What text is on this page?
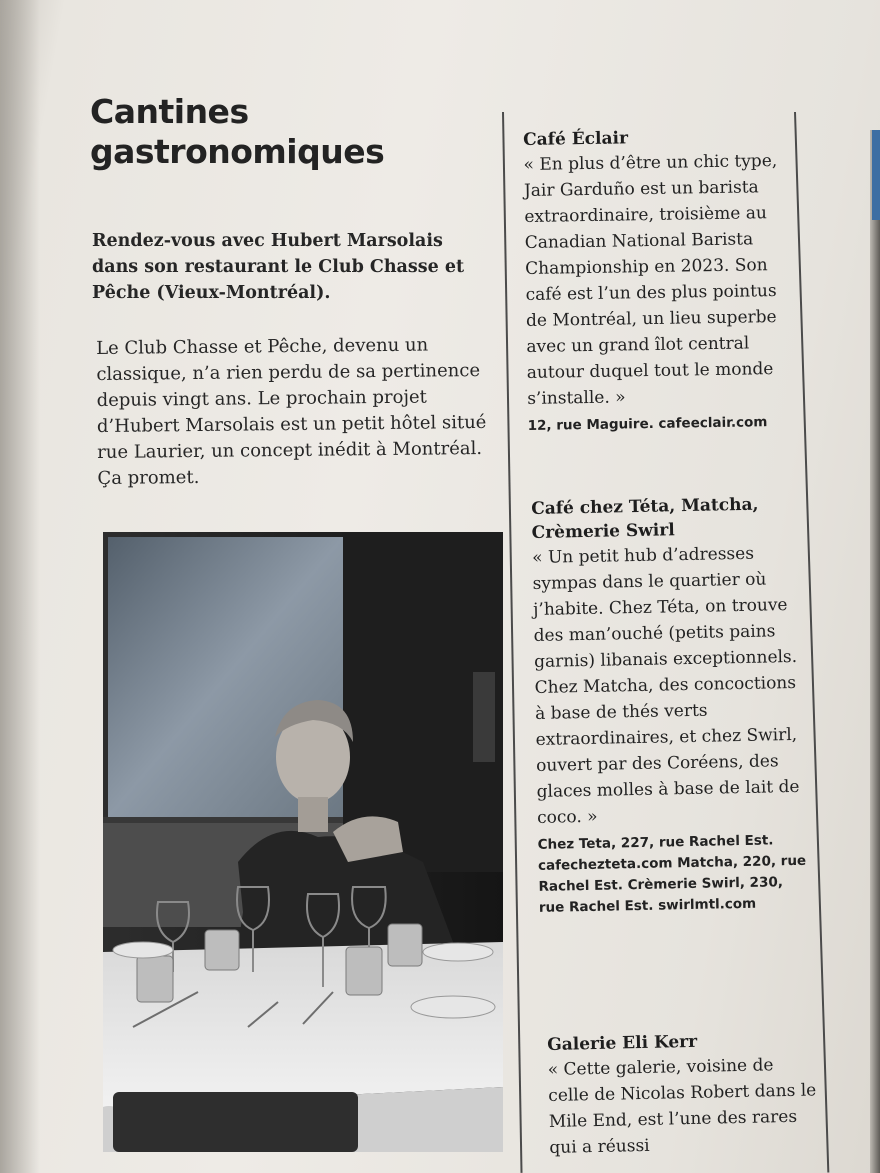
Cantines
gastronomiques

Rendez-vous avec Hubert Marsolais dans son restaurant le Club Chasse et Pêche (Vieux-Montréal).

Le Club Chasse et Pêche, devenu un classique, n’a rien perdu de sa pertinence depuis vingt ans. Le prochain projet d’Hubert Marsolais est un petit hôtel situé rue Laurier, un concept inédit à Montréal. Ça promet.

Café Éclair

« En plus d’être un chic type, Jair Garduño est un barista extraordinaire, troisième au Canadian National Barista Championship en 2023. Son café est l’un des plus pointus de Montréal, un lieu superbe avec un grand îlot central autour duquel tout le monde s’installe. »

12, rue Maguire. cafeeclair.com

Café chez Téta, Matcha, Crèmerie Swirl

« Un petit hub d’adresses sympas dans le quartier où j’habite. Chez Téta, on trouve des man’ouché (petits pains garnis) libanais exceptionnels. Chez Matcha, des concoctions à base de thés verts extraordinaires, et chez Swirl, ouvert par des Coréens, des glaces molles à base de lait de coco. »

Chez Teta, 227, rue Rachel Est. cafechezteta.com Matcha, 220, rue Rachel Est. Crèmerie Swirl, 230, rue Rachel Est. swirlmtl.com

Galerie Eli Kerr

« Cette galerie, voisine de celle de Nicolas Robert dans le Mile End, est l’une des rares qui a réussi
